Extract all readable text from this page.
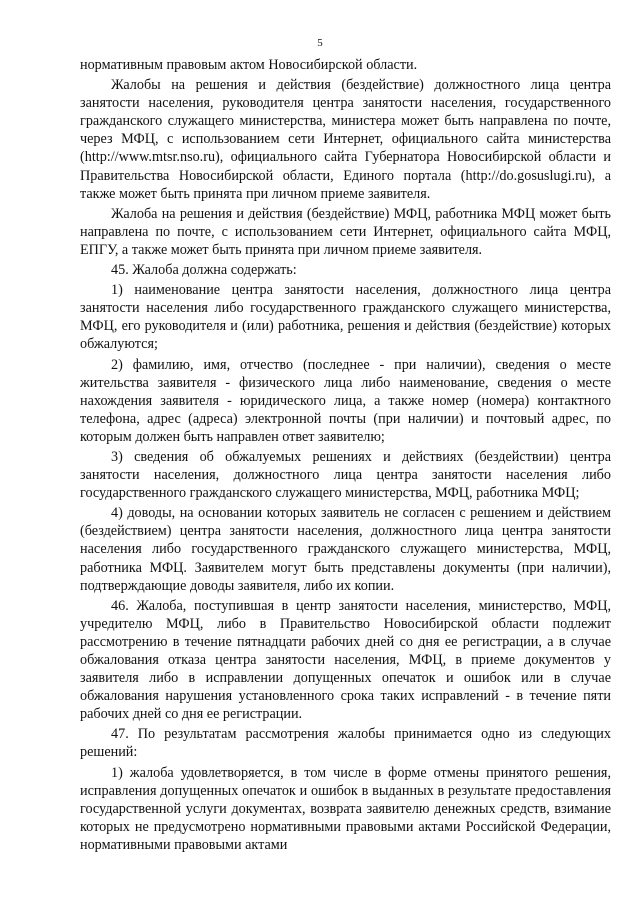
5

нормативным правовым актом Новосибирской области.

Жалобы на решения и действия (бездействие) должностного лица центра занятости населения, руководителя центра занятости населения, государственного гражданского служащего министерства, министера может быть направлена по почте, через МФЦ, с использованием сети Интернет, официального сайта министерства (http://www.mtsr.nso.ru), официального сайта Губернатора Новосибирской области и Правительства Новосибирской области, Единого портала (http://do.gosuslugi.ru), а также может быть принята при личном приеме заявителя.

Жалоба на решения и действия (бездействие) МФЦ, работника МФЦ может быть направлена по почте, с использованием сети Интернет, официального сайта МФЦ, ЕПГУ, а также может быть принята при личном приеме заявителя.

45. Жалоба должна содержать:

1) наименование центра занятости населения, должностного лица центра занятости населения либо государственного гражданского служащего министерства, МФЦ, его руководителя и (или) работника, решения и действия (бездействие) которых обжалуются;

2) фамилию, имя, отчество (последнее - при наличии), сведения о месте жительства заявителя - физического лица либо наименование, сведения о месте нахождения заявителя - юридического лица, а также номер (номера) контактного телефона, адрес (адреса) электронной почты (при наличии) и почтовый адрес, по которым должен быть направлен ответ заявителю;

3) сведения об обжалуемых решениях и действиях (бездействии) центра занятости населения, должностного лица центра занятости населения либо государственного гражданского служащего министерства, МФЦ, работника МФЦ;

4) доводы, на основании которых заявитель не согласен с решением и действием (бездействием) центра занятости населения, должностного лица центра занятости населения либо государственного гражданского служащего министерства, МФЦ, работника МФЦ. Заявителем могут быть представлены документы (при наличии), подтверждающие доводы заявителя, либо их копии.

46. Жалоба, поступившая в центр занятости населения, министерство, МФЦ, учредителю МФЦ, либо в Правительство Новосибирской области подлежит рассмотрению в течение пятнадцати рабочих дней со дня ее регистрации, а в случае обжалования отказа центра занятости населения, МФЦ, в приеме документов у заявителя либо в исправлении допущенных опечаток и ошибок или в случае обжалования нарушения установленного срока таких исправлений - в течение пяти рабочих дней со дня ее регистрации.

47. По результатам рассмотрения жалобы принимается одно из следующих решений:

1) жалоба удовлетворяется, в том числе в форме отмены принятого решения, исправления допущенных опечаток и ошибок в выданных в результате предоставления государственной услуги документах, возврата заявителю денежных средств, взимание которых не предусмотрено нормативными правовыми актами Российской Федерации, нормативными правовыми актами
